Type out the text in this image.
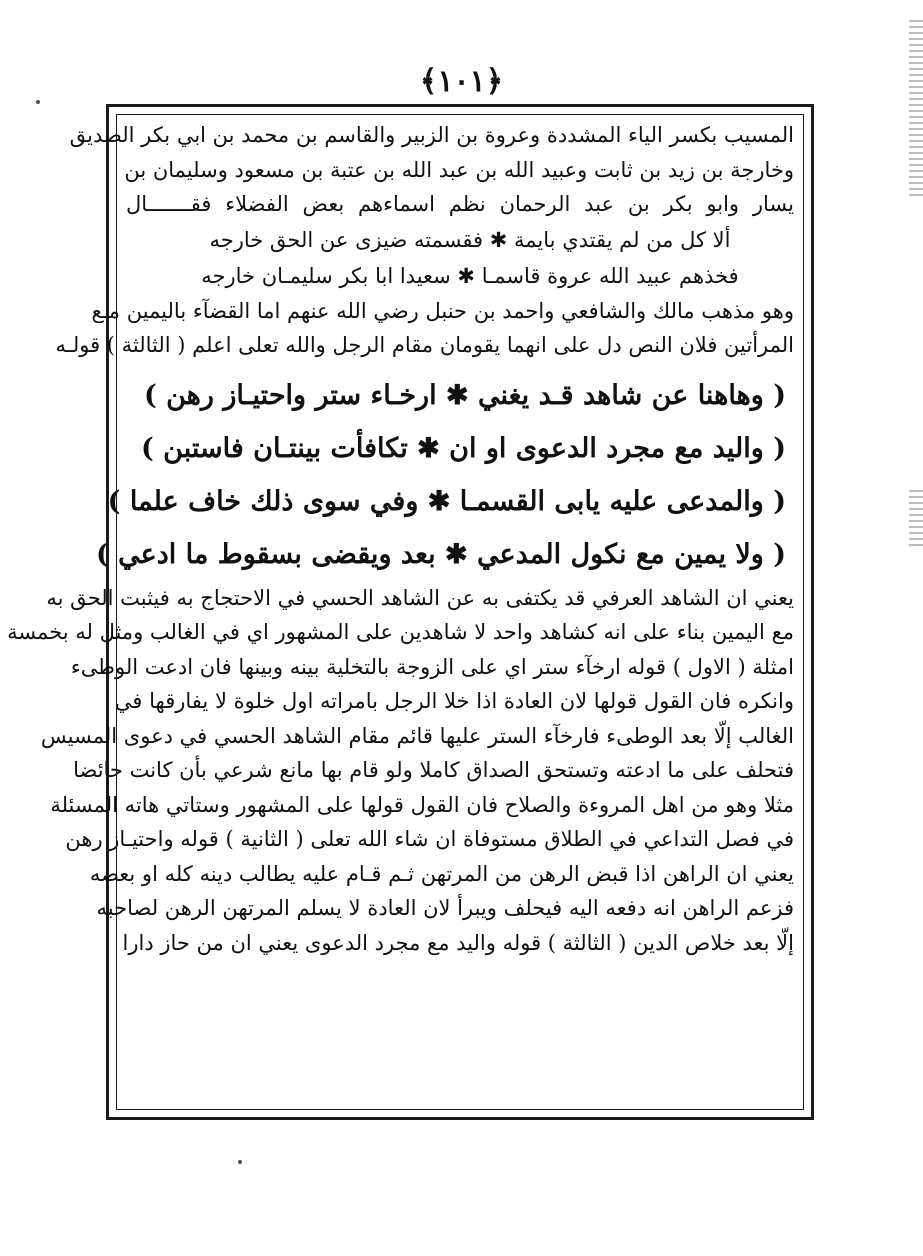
﴾١٠١﴿
المسيب بكسر الياء المشددة وعروة بن الزبير والقاسم بن محمد بن ابي بكر الصديق
وخارجة بن زيد بن ثابت وعبيد الله بن عبد الله بن عتبة بن مسعود وسليمان بن
يسار وابو بكر بن عبد الرحمان نظم اسماءهم بعض الفضلاء فقـــــــال
ألا كل من لم يقتدي بايمة ✱ فقسمته ضيزى عن الحق خارجه
فخذهم عبيد الله عروة قاسمـا ✱ سعيدا ابا بكر سليمـان خارجه
وهو مذهب مالك والشافعي واحمد بن حنبل رضي الله عنهم اما القضآء باليمين مـع
المرأتين فلان النص دل على انهما يقومان مقام الرجل والله تعلى اعلم ( الثالثة ) قولـه
( وهاهنا عن شاهد قـد يغني ✱ ارخـاء ستر واحتيـاز رهن )
( واليد مع مجرد الدعوى او ان ✱ تكافأت بينتـان فاستبن )
( والمدعى عليه يابى القسمـا ✱ وفي سوى ذلك خاف علما )
( ولا يمين مع نكول المدعي ✱ بعد ويقضى بسقوط ما ادعي )
يعني ان الشاهد العرفي قد يكتفى به عن الشاهد الحسي في الاحتجاج به فيثبت الحق به
مع اليمين بناء على انه كشاهد واحد لا شاهدين على المشهور اي في الغالب ومثل له بخمسة
امثلة ( الاول ) قوله ارخآء ستر اي على الزوجة بالتخلية بينه وبينها فان ادعت الوطىء
وانكره فان القول قولها لان العادة اذا خلا الرجل بامراته اول خلوة لا يفارقها في
الغالب إلّا بعد الوطىء فارخآء الستر عليها قائم مقام الشاهد الحسي في دعوى المسيس
فتحلف على ما ادعته وتستحق الصداق كاملا ولو قام بها مانع شرعي بأن كانت حائضا
مثلا وهو من اهل المروءة والصلاح فان القول قولها على المشهور وستاتي هاته المسئلة
في فصل التداعي في الطلاق مستوفاة ان شاء الله تعلى ( الثانية ) قوله واحتيـاز رهن
يعني ان الراهن اذا قبض الرهن من المرتهن ثـم قـام عليه يطالب دينه كله او بعضه
فزعم الراهن انه دفعه اليه فيحلف ويبرأ لان العادة لا يسلم المرتهن الرهن لصاحبه
إلّا بعد خلاص الدين ( الثالثة ) قوله واليد مع مجرد الدعوى يعني ان من حاز دارا
